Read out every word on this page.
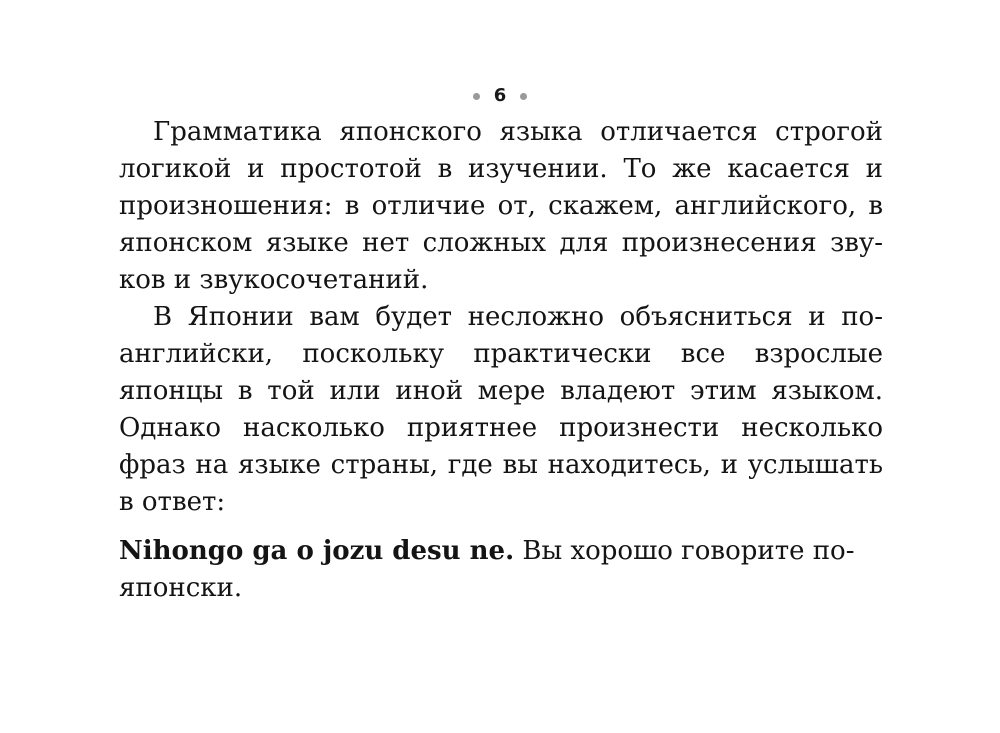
6

Грамматика японского языка отличается строгой логикой и простотой в изучении. То же касается и произношения: в отличие от, скажем, английского, в японском языке нет сложных для произнесения звуков и звукосочетаний.

В Японии вам будет несложно объясниться и по-английски, поскольку практически все взрослые японцы в той или иной мере владеют этим языком. Однако насколько приятнее произнести несколько фраз на языке страны, где вы находитесь, и услышать в ответ:

Nihongo ga o jozu desu ne. Вы хорошо говорите по-японски.
